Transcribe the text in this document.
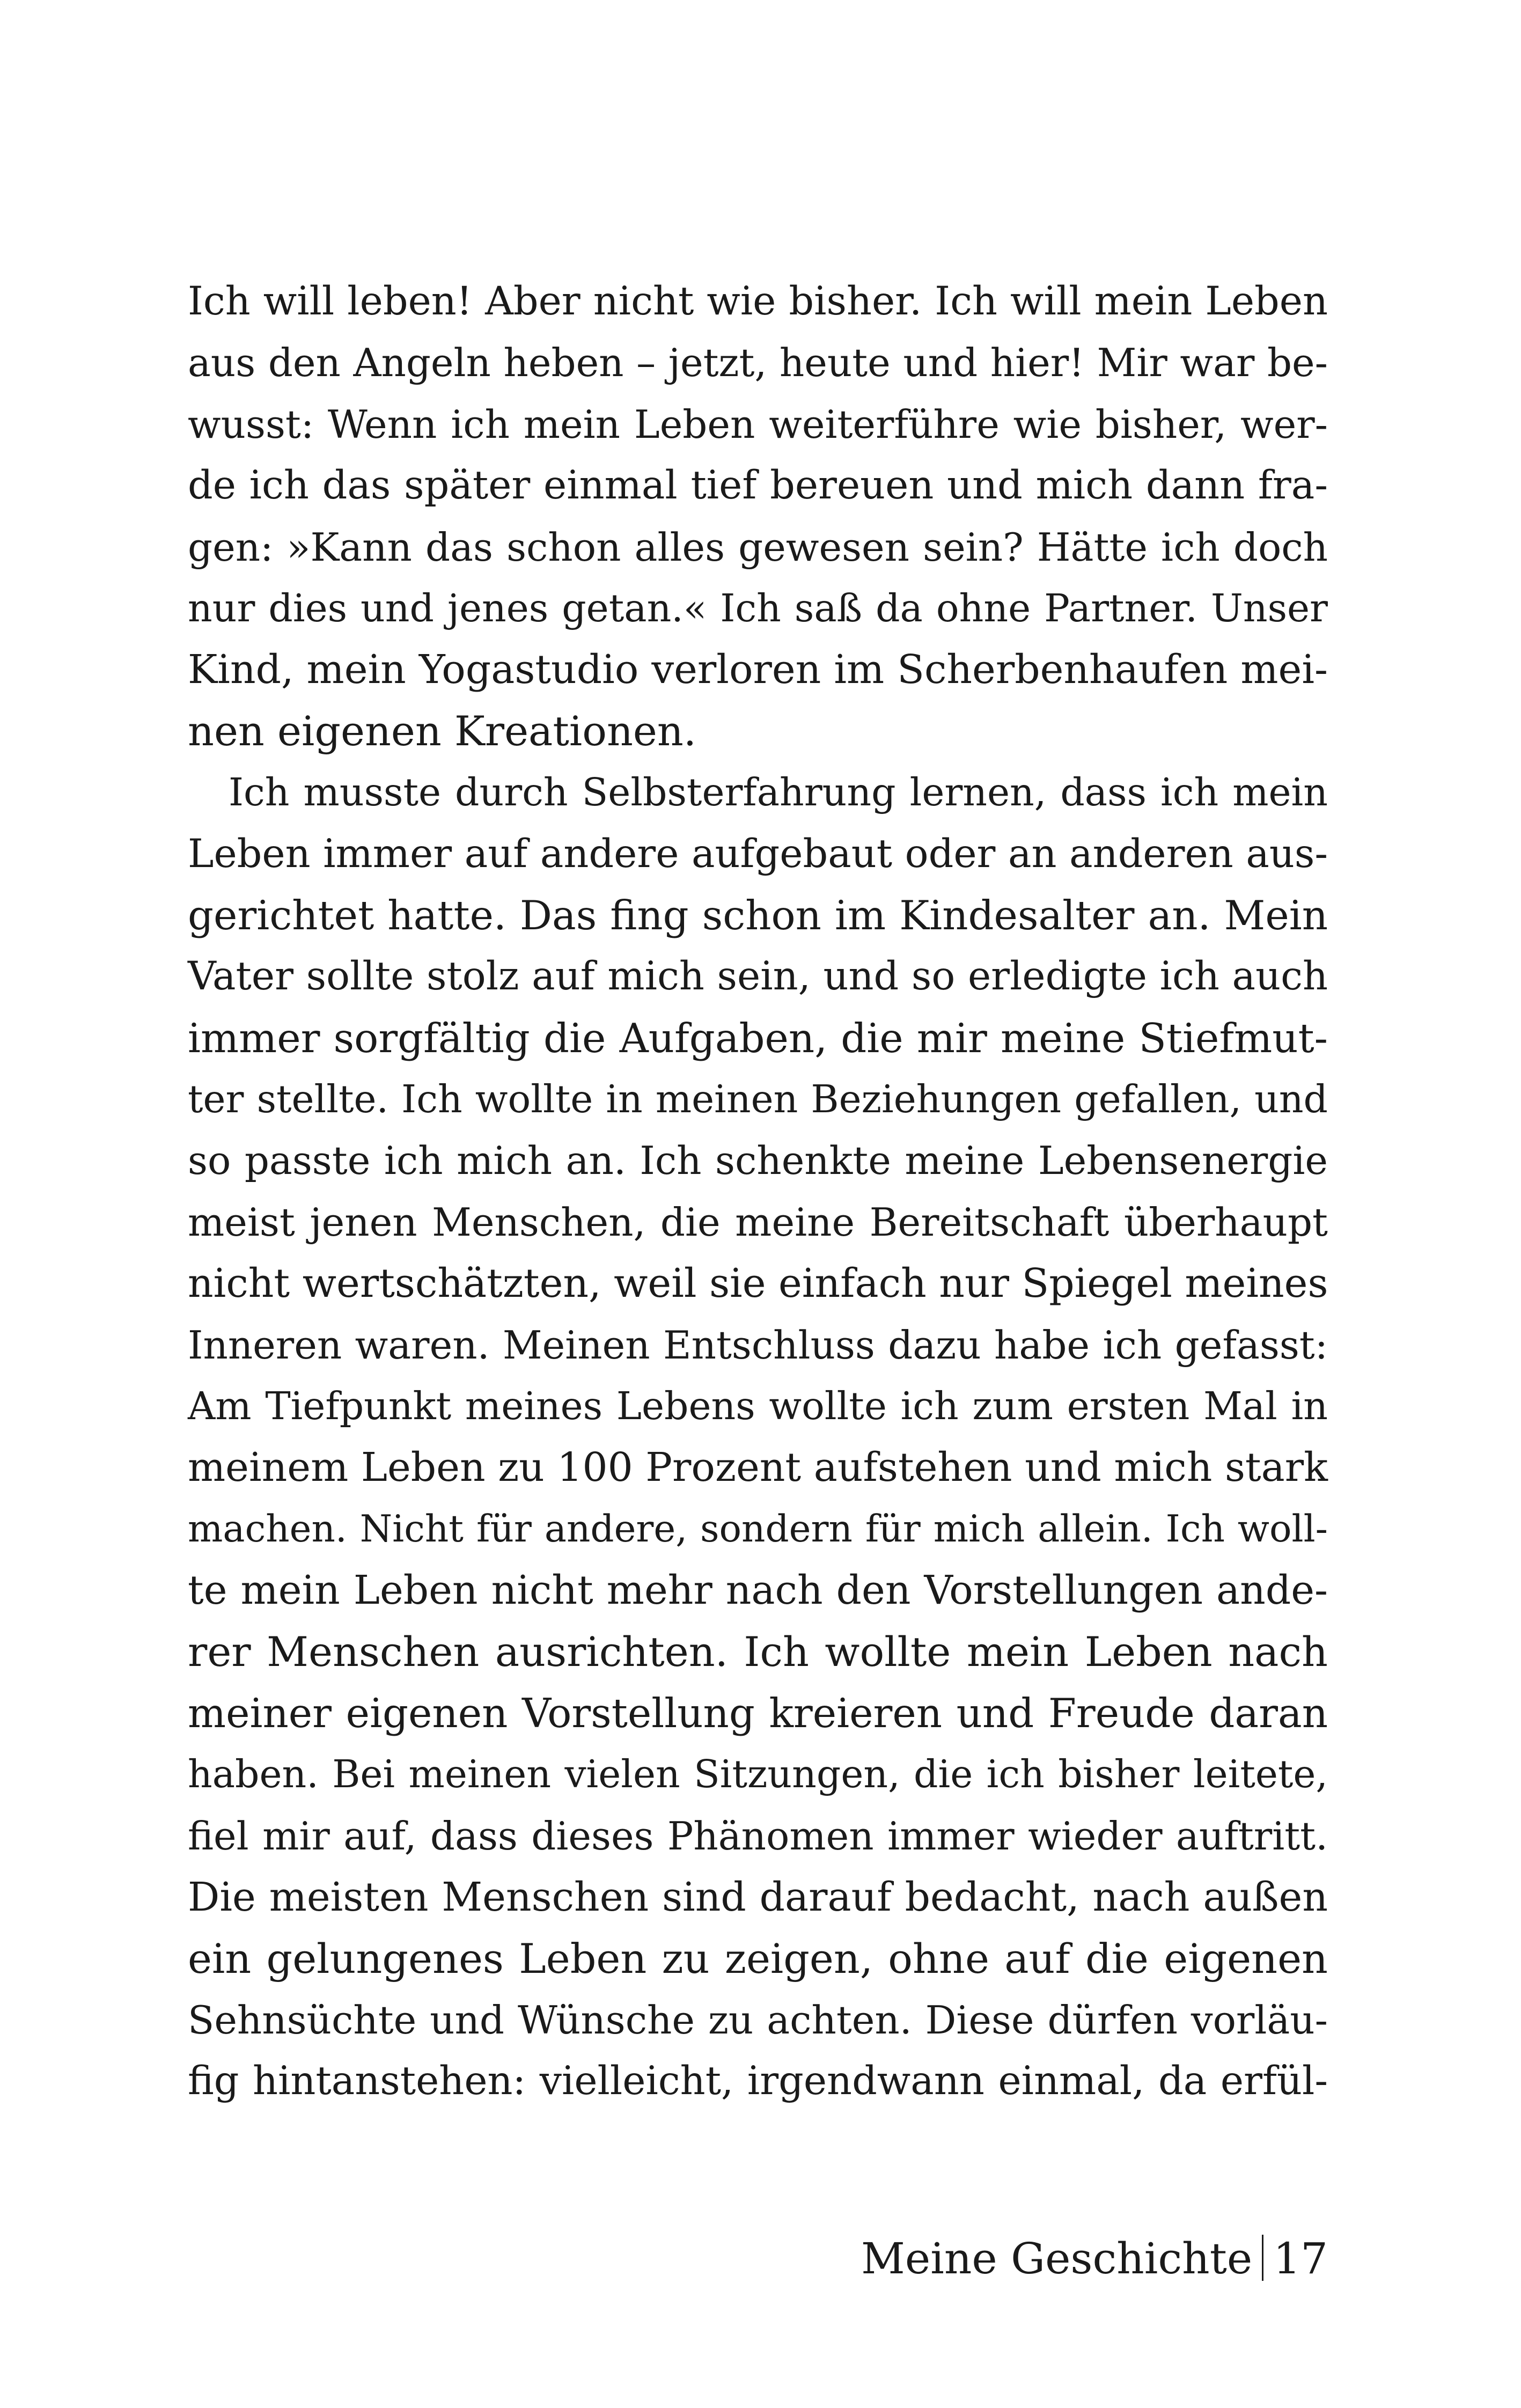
Ich will leben! Aber nicht wie bisher. Ich will mein Leben
aus den Angeln heben – jetzt, heute und hier! Mir war be-
wusst: Wenn ich mein Leben weiterführe wie bisher, wer-
de ich das später einmal tief bereuen und mich dann fra-
gen: »Kann das schon alles gewesen sein? Hätte ich doch
nur dies und jenes getan.« Ich saß da ohne Partner. Unser
Kind, mein Yogastudio verloren im Scherbenhaufen mei-
nen eigenen Kreationen.
Ich musste durch Selbsterfahrung lernen, dass ich mein
Leben immer auf andere aufgebaut oder an anderen aus-
gerichtet hatte. Das fing schon im Kindesalter an. Mein
Vater sollte stolz auf mich sein, und so erledigte ich auch
immer sorgfältig die Aufgaben, die mir meine Stiefmut-
ter stellte. Ich wollte in meinen Beziehungen gefallen, und
so passte ich mich an. Ich schenkte meine Lebensenergie
meist jenen Menschen, die meine Bereitschaft überhaupt
nicht wertschätzten, weil sie einfach nur Spiegel meines
Inneren waren. Meinen Entschluss dazu habe ich gefasst:
Am Tiefpunkt meines Lebens wollte ich zum ersten Mal in
meinem Leben zu 100 Prozent aufstehen und mich stark
machen. Nicht für andere, sondern für mich allein. Ich woll-
te mein Leben nicht mehr nach den Vorstellungen ande-
rer Menschen ausrichten. Ich wollte mein Leben nach
meiner eigenen Vorstellung kreieren und Freude daran
haben. Bei meinen vielen Sitzungen, die ich bisher leitete,
fiel mir auf, dass dieses Phänomen immer wieder auftritt.
Die meisten Menschen sind darauf bedacht, nach außen
ein gelungenes Leben zu zeigen, ohne auf die eigenen
Sehnsüchte und Wünsche zu achten. Diese dürfen vorläu-
fig hintanstehen: vielleicht, irgendwann einmal, da erfül-
Meine Geschichte 17
